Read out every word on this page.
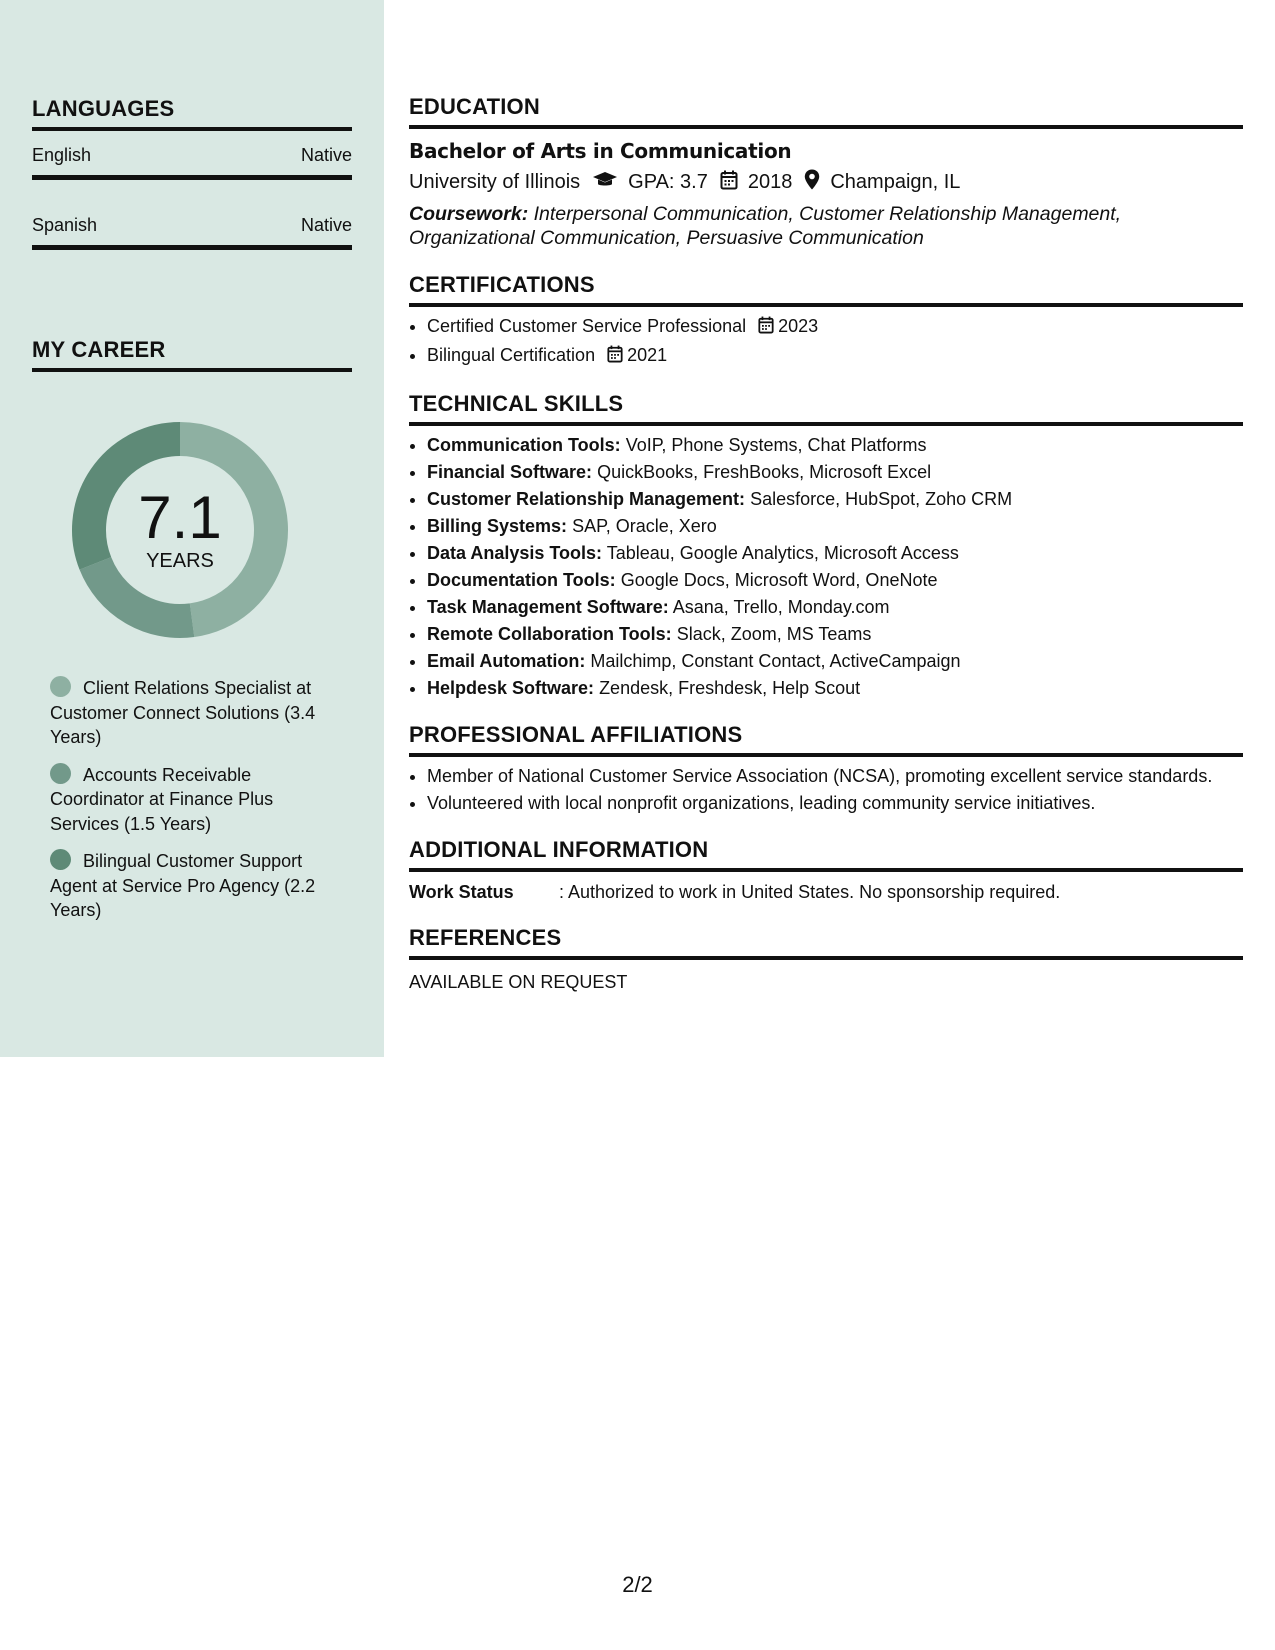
LANGUAGES
English	Native
Spanish	Native
MY CAREER
7.1
YEARS
Client Relations Specialist at Customer Connect Solutions (3.4 Years)
Accounts Receivable Coordinator at Finance Plus Services (1.5 Years)
Bilingual Customer Support Agent at Service Pro Agency (2.2 Years)
EDUCATION
Bachelor of Arts in Communication
University of Illinois GPA: 3.7 2018 Champaign, IL
Coursework: Interpersonal Communication, Customer Relationship Management, Organizational Communication, Persuasive Communication
CERTIFICATIONS
• Certified Customer Service Professional 2023
• Bilingual Certification 2021
TECHNICAL SKILLS
• Communication Tools: VoIP, Phone Systems, Chat Platforms
• Financial Software: QuickBooks, FreshBooks, Microsoft Excel
• Customer Relationship Management: Salesforce, HubSpot, Zoho CRM
• Billing Systems: SAP, Oracle, Xero
• Data Analysis Tools: Tableau, Google Analytics, Microsoft Access
• Documentation Tools: Google Docs, Microsoft Word, OneNote
• Task Management Software: Asana, Trello, Monday.com
• Remote Collaboration Tools: Slack, Zoom, MS Teams
• Email Automation: Mailchimp, Constant Contact, ActiveCampaign
• Helpdesk Software: Zendesk, Freshdesk, Help Scout
PROFESSIONAL AFFILIATIONS
• Member of National Customer Service Association (NCSA), promoting excellent service standards.
• Volunteered with local nonprofit organizations, leading community service initiatives.
ADDITIONAL INFORMATION
Work Status	: Authorized to work in United States. No sponsorship required.
REFERENCES
AVAILABLE ON REQUEST
2/2
